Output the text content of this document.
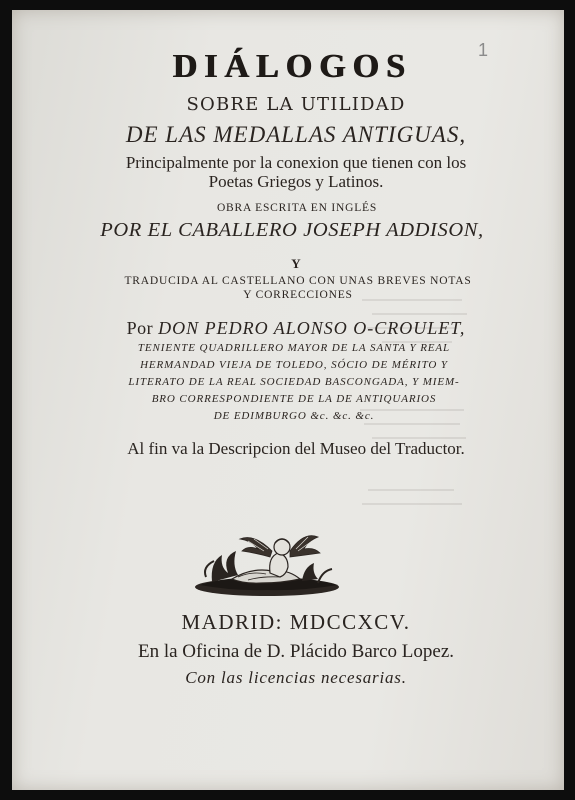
1
DIÁLOGOS
SOBRE LA UTILIDAD
DE LAS MEDALLAS ANTIGUAS,
Principalmente por la conexion que tienen con los
Poetas Griegos y Latinos.
OBRA ESCRITA EN INGLÉS
POR EL CABALLERO JOSEPH ADDISON,
Y
TRADUCIDA AL CASTELLANO CON UNAS BREVES NOTAS
Y CORRECCIONES
Por DON PEDRO ALONSO O-CROULET,
TENIENTE QUADRILLERO MAYOR DE LA SANTA Y REAL
HERMANDAD VIEJA DE TOLEDO, SÓCIO DE MÉRITO Y
LITERATO DE LA REAL SOCIEDAD BASCONGADA, Y MIEM-
BRO CORRESPONDIENTE DE LA DE ANTIQUARIOS
DE EDIMBURGO &c. &c. &c.
Al fin va la Descripcion del Museo del Traductor.
MADRID: MDCCXCV.
En la Oficina de D. Plácido Barco Lopez.
Con las licencias necesarias.
